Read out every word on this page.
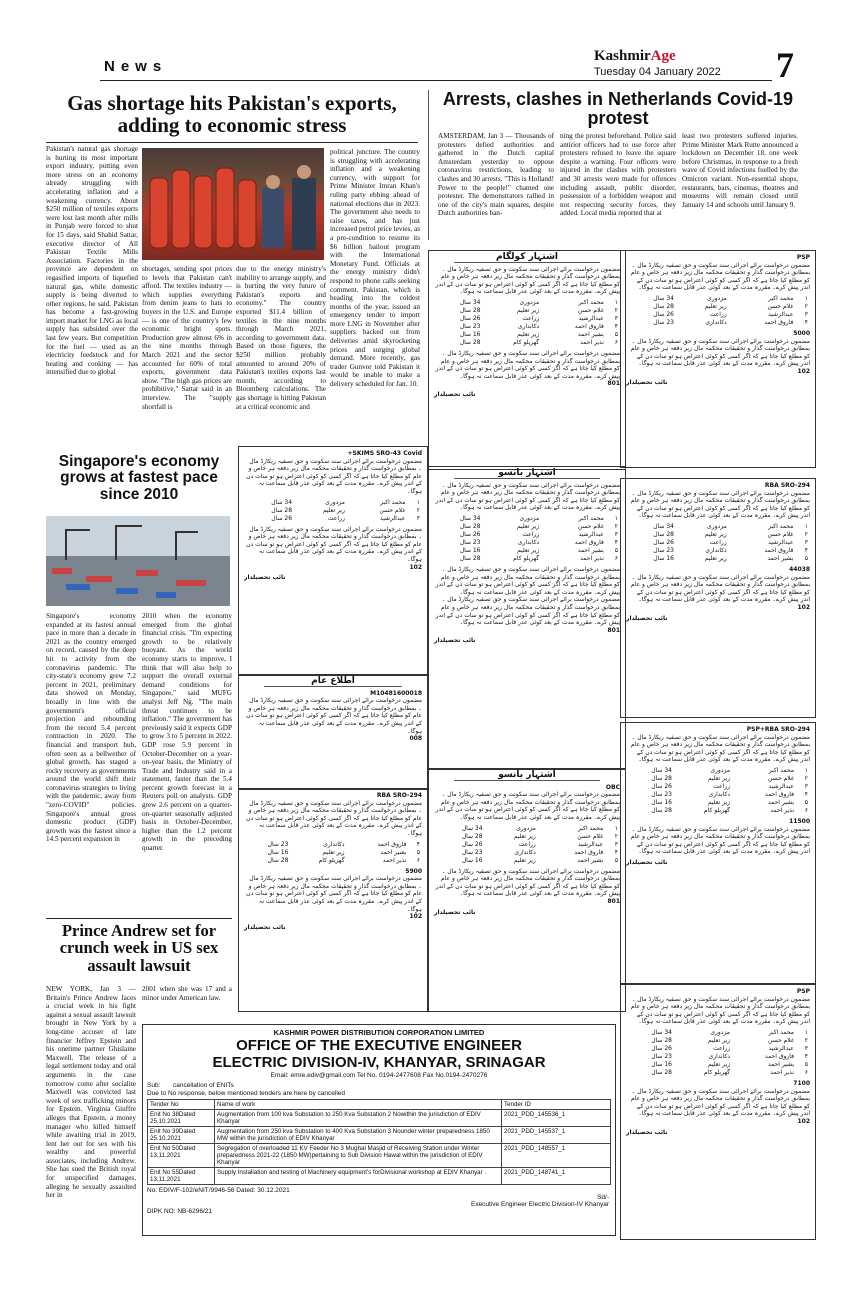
News
KashmirAge
Tuesday 04 January 2022 7
Gas shortage hits Pakistan's exports, adding to economic stress
Pakistan's natural gas shortage is hurting its most important export industry, putting even more stress on an economy already struggling with accelerating inflation and a weakening currency. About $250 million of textiles exports were lost last month after mills in Punjab were forced to shut for 15 days, said Shahid Sattar, executive director of All Pakistan Textile Mills Association. Factories in the province are dependent on regasified imports of liquefied natural gas, while domestic supply is being diverted to other regions, he said. Pakistan has become a fast-growing import market for LNG as local supply has subsided over the last few years. But competition for the fuel — used as an electricity feedstock and for heating and cooking — has intensified due to global
shortages, sending spot prices to levels that Pakistan can't afford. The textiles industry — which supplies everything from denim jeans to hats to buyers in the U.S. and Europe — is one of the country's few economic bright spots. Production grew almost 6% in the nine months through March 2021 and the sector accounted for 60% of total exports, government data show. "The high gas prices are prohibitive," Sattar said in an interview. The "supply shortfall is
due to the energy ministry's inability to arrange supply, and is hurting the very future of Pakistan's exports and economy." The country exported $11.4 billion of textiles in the nine months through March 2021, according to government data. Based on those figures, the $250 million probably amounted to around 20% of Pakistan's textiles exports last month, according to Bloomberg calculations. The gas shortage is hitting Pakistan at a critical economic and
political juncture. The country is struggling with accelerating inflation and a weakening currency, with support for Prime Minister Imran Khan's ruling party ebbing ahead of national elections due in 2023. The government also needs to raise taxes, and has just increased petrol price levies, as a pre-condition to resume its $6 billion bailout program with the International Monetary Fund. Officials at the energy ministry didn't respond to phone calls seeking comment. Pakistan, which is heading into the coldest months of the year, issued an emergency tender to import more LNG in November after suppliers backed out from deliveries amid skyrocketing prices and surging global demand. More recently, gas trader Gunvor told Pakistan it would be unable to make a delivery scheduled for Jan. 10.
Arrests, clashes in Netherlands Covid-19 protest
AMSTERDAM, Jan 3 — Thousands of protesters defied authorities and gathered in the Dutch capital Amsterdam yesterday to oppose coronavirus restrictions, leading to clashes and 30 arrests. "This is Holland! Power to the people!" chanted one protester. The demonstrators rallied in one of the city's main squares, despite Dutch authorities ban-
ning the protest beforehand. Police said antiriot officers had to use force after protesters refused to leave the square despite a warning. Four officers were injured in the clashes with protesters and 30 arrests were made for offences including assault, public disorder, possession of a forbidden weapon and not respecting security forces, they added. Local media reported that at
least two protesters suffered injuries. Prime Minister Mark Rutte announced a lockdown on December 18, one week before Christmas, in response to a fresh wave of Covid infections fuelled by the Omicron variant. Non-essential shops, restaurants, bars, cinemas, theatres and museums will remain closed until January 14 and schools until January 9.
Singapore's economy grows at fastest pace since 2010
Singapore's economy expanded at its fastest annual pace in more than a decade in 2021 as the country emerged on record, caused by the deep hit to activity from the coronavirus pandemic. The city-state's economy grew 7.2 percent in 2021, preliminary data showed on Monday, broadly in line with the government's official projection and rebounding from the record 5.4 percent contraction in 2020. The financial and transport hub, often seen as a bellwether of global growth, has staged a rocky recovery as governments around the world shift their coronavirus strategies to living with the pandemic, away from "zero-COVID" policies. Singapore's annual gross domestic product (GDP) growth was the fastest since a 14.5 percent expansion in
2010 when the economy emerged from the global financial crisis. "I'm expecting growth to be relatively buoyant. As the world economy starts to improve, I think that will also help to support the overall external demand conditions for Singapore," said MUFG analyst Jeff Ng. "The main threat continues to be inflation." The government has previously said it expects GDP to grow 3 to 5 percent in 2022. GDP rose 5.9 percent in October-December on a year-on-year basis, the Ministry of Trade and Industry said in a statement, faster than the 5.4 percent growth forecast in a Reuters poll on analysts. GDP grew 2.6 percent on a quarter-on-quarter seasonally adjusted basis in October-December, higher than the 1.2 percent growth in the preceding quarter.
Prince Andrew set for crunch week in US sex assault lawsuit
NEW YORK, Jan 3 — Britain's Prince Andrew faces a crucial week in his fight against a sexual assault lawsuit brought in New York by a long-time accuser of late financier Jeffrey Epstein and his onetime partner Ghislaine Maxwell. The release of a legal settlement today and oral arguments in the case tomorrow come after socialite Maxwell was convicted last week of sex trafficking minors for Epstein. Virginia Giuffre alleges that Epstein, a money manager who killed himself while awaiting trial in 2019, lent her out for sex with his wealthy and powerful associates, including Andrew. She has sued the British royal for unspecified damages, alleging he sexually assaulted her in
2001 when she was 17 and a minor under American law.
SKIMS SRO-43 Covid+
مضمون درخواست برائے اجرائی سند سکونت و حق تصفیہ ریکارڈ مال ۔ بمطابق درخواست گذار و تحقیقات محکمہ مال زیر دفعہ ہر خاص و عام کو مطلع کیا جاتا ہے کہ اگر کسی کو کوئی اعتراض ہو تو سات دن کے اندر پیش کرے۔ مقررہ مدت کے بعد کوئی عذر قابل سماعت نہ ہوگا۔
۱	محمد اکبر	مزدوری	34 سال
۲	غلام حسن	زیر تعلیم	28 سال
۳	عبدالرشید	زراعت	26 سال
مضمون درخواست برائے اجرائی سند سکونت و حق تصفیہ ریکارڈ مال ۔ بمطابق درخواست گذار و تحقیقات محکمہ مال زیر دفعہ ہر خاص و عام کو مطلع کیا جاتا ہے کہ اگر کسی کو کوئی اعتراض ہو تو سات دن کے اندر پیش کرے۔ مقررہ مدت کے بعد کوئی عذر قابل سماعت نہ ہوگا۔
102
نائب تحصیلدار
اطلاع عام
M10481600018
مضمون درخواست برائے اجرائی سند سکونت و حق تصفیہ ریکارڈ مال ۔ بمطابق درخواست گذار و تحقیقات محکمہ مال زیر دفعہ ہر خاص و عام کو مطلع کیا جاتا ہے کہ اگر کسی کو کوئی اعتراض ہو تو سات دن کے اندر پیش کرے۔ مقررہ مدت کے بعد کوئی عذر قابل سماعت نہ ہوگا۔
008
RBA SRO-294
مضمون درخواست برائے اجرائی سند سکونت و حق تصفیہ ریکارڈ مال ۔ بمطابق درخواست گذار و تحقیقات محکمہ مال زیر دفعہ ہر خاص و عام کو مطلع کیا جاتا ہے کہ اگر کسی کو کوئی اعتراض ہو تو سات دن کے اندر پیش کرے۔ مقررہ مدت کے بعد کوئی عذر قابل سماعت نہ ہوگا۔
۴	فاروق احمد	دکانداری	23 سال
۵	بشیر احمد	زیر تعلیم	16 سال
۶	نذیر احمد	گھریلو کام	28 سال
5900
مضمون درخواست برائے اجرائی سند سکونت و حق تصفیہ ریکارڈ مال ۔ بمطابق درخواست گذار و تحقیقات محکمہ مال زیر دفعہ ہر خاص و عام کو مطلع کیا جاتا ہے کہ اگر کسی کو کوئی اعتراض ہو تو سات دن کے اندر پیش کرے۔ مقررہ مدت کے بعد کوئی عذر قابل سماعت نہ ہوگا۔
102
نائب تحصیلدار
اشتہار کولگام
مضمون درخواست برائے اجرائی سند سکونت و حق تصفیہ ریکارڈ مال ۔ بمطابق درخواست گذار و تحقیقات محکمہ مال زیر دفعہ ہر خاص و عام کو مطلع کیا جاتا ہے کہ اگر کسی کو کوئی اعتراض ہو تو سات دن کے اندر پیش کرے۔ مقررہ مدت کے بعد کوئی عذر قابل سماعت نہ ہوگا۔
۱	محمد اکبر	مزدوری	34 سال
۲	غلام حسن	زیر تعلیم	28 سال
۳	عبدالرشید	زراعت	26 سال
۴	فاروق احمد	دکانداری	23 سال
۵	بشیر احمد	زیر تعلیم	16 سال
۶	نذیر احمد	گھریلو کام	28 سال
مضمون درخواست برائے اجرائی سند سکونت و حق تصفیہ ریکارڈ مال ۔ بمطابق درخواست گذار و تحقیقات محکمہ مال زیر دفعہ ہر خاص و عام کو مطلع کیا جاتا ہے کہ اگر کسی کو کوئی اعتراض ہو تو سات دن کے اندر پیش کرے۔ مقررہ مدت کے بعد کوئی عذر قابل سماعت نہ ہوگا۔
801
نائب تحصیلدار
اشتہار بانسو
مضمون درخواست برائے اجرائی سند سکونت و حق تصفیہ ریکارڈ مال ۔ بمطابق درخواست گذار و تحقیقات محکمہ مال زیر دفعہ ہر خاص و عام کو مطلع کیا جاتا ہے کہ اگر کسی کو کوئی اعتراض ہو تو سات دن کے اندر پیش کرے۔ مقررہ مدت کے بعد کوئی عذر قابل سماعت نہ ہوگا۔
۱	محمد اکبر	مزدوری	34 سال
۲	غلام حسن	زیر تعلیم	28 سال
۳	عبدالرشید	زراعت	26 سال
۴	فاروق احمد	دکانداری	23 سال
۵	بشیر احمد	زیر تعلیم	16 سال
۶	نذیر احمد	گھریلو کام	28 سال
مضمون درخواست برائے اجرائی سند سکونت و حق تصفیہ ریکارڈ مال ۔ بمطابق درخواست گذار و تحقیقات محکمہ مال زیر دفعہ ہر خاص و عام کو مطلع کیا جاتا ہے کہ اگر کسی کو کوئی اعتراض ہو تو سات دن کے اندر پیش کرے۔ مقررہ مدت کے بعد کوئی عذر قابل سماعت نہ ہوگا۔
مضمون درخواست برائے اجرائی سند سکونت و حق تصفیہ ریکارڈ مال ۔ بمطابق درخواست گذار و تحقیقات محکمہ مال زیر دفعہ ہر خاص و عام کو مطلع کیا جاتا ہے کہ اگر کسی کو کوئی اعتراض ہو تو سات دن کے اندر پیش کرے۔ مقررہ مدت کے بعد کوئی عذر قابل سماعت نہ ہوگا۔
801
نائب تحصیلدار
اشتہار بانسو
OBC
مضمون درخواست برائے اجرائی سند سکونت و حق تصفیہ ریکارڈ مال ۔ بمطابق درخواست گذار و تحقیقات محکمہ مال زیر دفعہ ہر خاص و عام کو مطلع کیا جاتا ہے کہ اگر کسی کو کوئی اعتراض ہو تو سات دن کے اندر پیش کرے۔ مقررہ مدت کے بعد کوئی عذر قابل سماعت نہ ہوگا۔
۱	محمد اکبر	مزدوری	34 سال
۲	غلام حسن	زیر تعلیم	28 سال
۳	عبدالرشید	زراعت	26 سال
۴	فاروق احمد	دکانداری	23 سال
۵	بشیر احمد	زیر تعلیم	16 سال
مضمون درخواست برائے اجرائی سند سکونت و حق تصفیہ ریکارڈ مال ۔ بمطابق درخواست گذار و تحقیقات محکمہ مال زیر دفعہ ہر خاص و عام کو مطلع کیا جاتا ہے کہ اگر کسی کو کوئی اعتراض ہو تو سات دن کے اندر پیش کرے۔ مقررہ مدت کے بعد کوئی عذر قابل سماعت نہ ہوگا۔
801
نائب تحصیلدار
PSP
مضمون درخواست برائے اجرائی سند سکونت و حق تصفیہ ریکارڈ مال ۔ بمطابق درخواست گذار و تحقیقات محکمہ مال زیر دفعہ ہر خاص و عام کو مطلع کیا جاتا ہے کہ اگر کسی کو کوئی اعتراض ہو تو سات دن کے اندر پیش کرے۔ مقررہ مدت کے بعد کوئی عذر قابل سماعت نہ ہوگا۔
۱	محمد اکبر	مزدوری	34 سال
۲	غلام حسن	زیر تعلیم	28 سال
۳	عبدالرشید	زراعت	26 سال
۴	فاروق احمد	دکانداری	23 سال
5000
مضمون درخواست برائے اجرائی سند سکونت و حق تصفیہ ریکارڈ مال ۔ بمطابق درخواست گذار و تحقیقات محکمہ مال زیر دفعہ ہر خاص و عام کو مطلع کیا جاتا ہے کہ اگر کسی کو کوئی اعتراض ہو تو سات دن کے اندر پیش کرے۔ مقررہ مدت کے بعد کوئی عذر قابل سماعت نہ ہوگا۔
102
نائب تحصیلدار
RBA SRO-294
مضمون درخواست برائے اجرائی سند سکونت و حق تصفیہ ریکارڈ مال ۔ بمطابق درخواست گذار و تحقیقات محکمہ مال زیر دفعہ ہر خاص و عام کو مطلع کیا جاتا ہے کہ اگر کسی کو کوئی اعتراض ہو تو سات دن کے اندر پیش کرے۔ مقررہ مدت کے بعد کوئی عذر قابل سماعت نہ ہوگا۔
۱	محمد اکبر	مزدوری	34 سال
۲	غلام حسن	زیر تعلیم	28 سال
۳	عبدالرشید	زراعت	26 سال
۴	فاروق احمد	دکانداری	23 سال
۵	بشیر احمد	زیر تعلیم	16 سال
44038
مضمون درخواست برائے اجرائی سند سکونت و حق تصفیہ ریکارڈ مال ۔ بمطابق درخواست گذار و تحقیقات محکمہ مال زیر دفعہ ہر خاص و عام کو مطلع کیا جاتا ہے کہ اگر کسی کو کوئی اعتراض ہو تو سات دن کے اندر پیش کرے۔ مقررہ مدت کے بعد کوئی عذر قابل سماعت نہ ہوگا۔
102
نائب تحصیلدار
PSP+RBA SRO-294
مضمون درخواست برائے اجرائی سند سکونت و حق تصفیہ ریکارڈ مال ۔ بمطابق درخواست گذار و تحقیقات محکمہ مال زیر دفعہ ہر خاص و عام کو مطلع کیا جاتا ہے کہ اگر کسی کو کوئی اعتراض ہو تو سات دن کے اندر پیش کرے۔ مقررہ مدت کے بعد کوئی عذر قابل سماعت نہ ہوگا۔
۱	محمد اکبر	مزدوری	34 سال
۲	غلام حسن	زیر تعلیم	28 سال
۳	عبدالرشید	زراعت	26 سال
۴	فاروق احمد	دکانداری	23 سال
۵	بشیر احمد	زیر تعلیم	16 سال
۶	نذیر احمد	گھریلو کام	28 سال
11500
مضمون درخواست برائے اجرائی سند سکونت و حق تصفیہ ریکارڈ مال ۔ بمطابق درخواست گذار و تحقیقات محکمہ مال زیر دفعہ ہر خاص و عام کو مطلع کیا جاتا ہے کہ اگر کسی کو کوئی اعتراض ہو تو سات دن کے اندر پیش کرے۔ مقررہ مدت کے بعد کوئی عذر قابل سماعت نہ ہوگا۔
نائب تحصیلدار
PSP
مضمون درخواست برائے اجرائی سند سکونت و حق تصفیہ ریکارڈ مال ۔ بمطابق درخواست گذار و تحقیقات محکمہ مال زیر دفعہ ہر خاص و عام کو مطلع کیا جاتا ہے کہ اگر کسی کو کوئی اعتراض ہو تو سات دن کے اندر پیش کرے۔ مقررہ مدت کے بعد کوئی عذر قابل سماعت نہ ہوگا۔
۱	محمد اکبر	مزدوری	34 سال
۲	غلام حسن	زیر تعلیم	28 سال
۳	عبدالرشید	زراعت	26 سال
۴	فاروق احمد	دکانداری	23 سال
۵	بشیر احمد	زیر تعلیم	16 سال
۶	نذیر احمد	گھریلو کام	28 سال
7100
مضمون درخواست برائے اجرائی سند سکونت و حق تصفیہ ریکارڈ مال ۔ بمطابق درخواست گذار و تحقیقات محکمہ مال زیر دفعہ ہر خاص و عام کو مطلع کیا جاتا ہے کہ اگر کسی کو کوئی اعتراض ہو تو سات دن کے اندر پیش کرے۔ مقررہ مدت کے بعد کوئی عذر قابل سماعت نہ ہوگا۔
102
نائب تحصیلدار
KASHMIR POWER DISTRIBUTION CORPORATION LIMITED
OFFICE OF THE EXECUTIVE ENGINEER
ELECTRIC DIVISION-IV, KHANYAR, SRINAGAR
Email: emre.ediv@gmail.com Tel No. 0194-2477608 Fax No.0194-2470276
Sub: cancellation of ENITs
Due to No response, below mentioned tenders are here by cancelled
Tender No	Name of work	Tender ID
Enit No 38Dated 25.10.2021	Augmentation from 100 kva Substation to 250 Kva Substation 2 Nowithin the jurisdiction of EDIV Khanyar	2021_PDD_145536_1
Enit No 39Dated 25.10.2021	Augmentation from 250 kva Substation to 400 Kva Substation 3 Nounder winter preparedness 1850 MW within the jurisdiction of EDIV Khanyar	2021_PDD_145537_1
Enit No 50Dated 13.11.2021	Segregation of overloaded 11 KV Feeder No 3 Mughal Masjid of Receiving Station under Winter preparedness 2021-22 (1850 MW)pertaining to Sub Division Hawal within the jurisdiction of EDIV Khanyar	2021_PDD_148557_1
Enit No 55Dated 13.11.2021	Supply Installation and testing of Machinery equipment's forDivisional workshop at EDIV Khanyar .	2021_PDD_148741_1
No: EDIV/F-102/eNIT/9946-56 Dated: 30.12.2021
Sd/-
Executive Engineer Electric Division-IV Khanyar
DIPK NO: NB-6296/21
